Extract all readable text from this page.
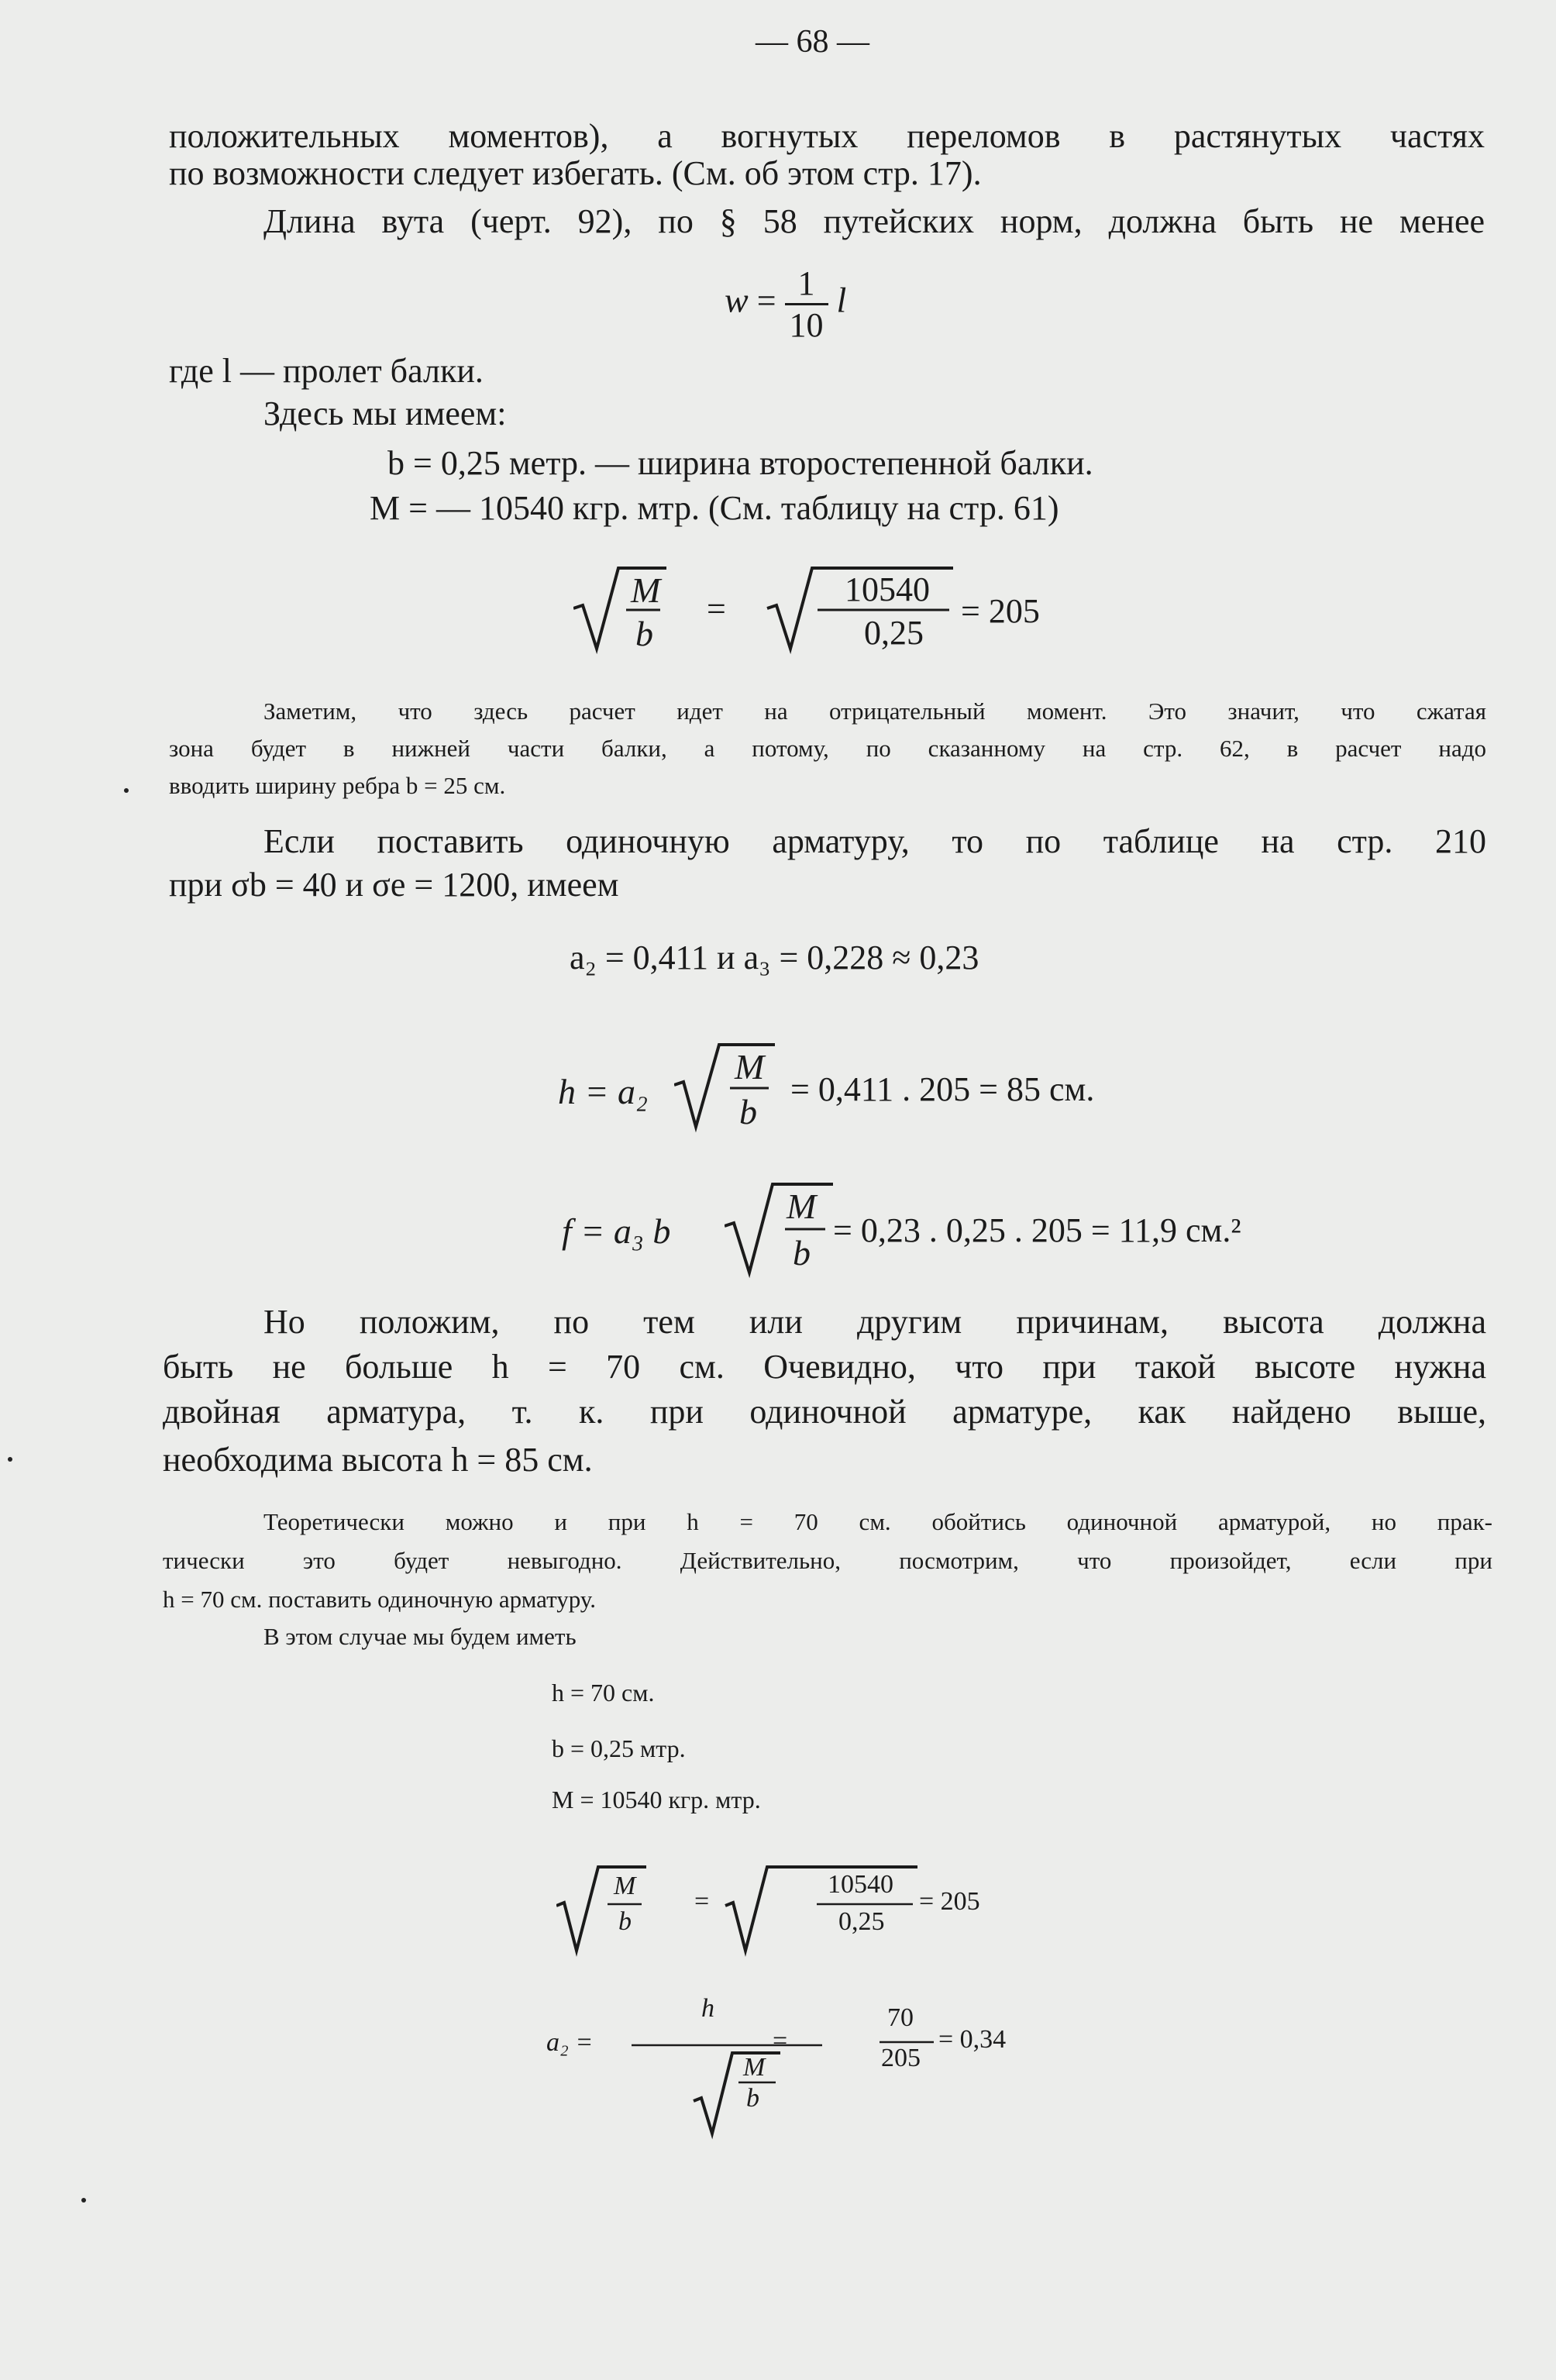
— 68 —
положительных моментов), а вогнутых переломов в растянутых частях
по возможности следует избегать. (См. об этом стр. 17).
Длина вута (черт. 92), по § 58 путейских норм, должна быть не менее
$w = \frac{1}{10}$ l
где l — пролет балки.
Здесь мы имеем:
b = 0,25 метр. — ширина второстепенной балки.
M = — 10540 кгр. мтр. (См. таблицу на стр. 61)
M
b
=
10540
0,25
= 205
Заметим, что здесь расчет идет на отрицательный момент. Это значит, что сжатая
зона будет в нижней части балки, а потому, по сказанному на стр. 62, в расчет надо
вводить ширину ребра b = 25 см.
Если поставить одиночную арматуру, то по таблице на стр. 210
при σb = 40 и σe = 1200, имеем
a₂ = 0,411 и a₃ = 0,228 ≈ 0,23
h = a₂
M
b
= 0,411 . 205 = 85 см.
f = a₃ b
M
b
= 0,23 . 0,25 . 205 = 11,9 см.²
Но положим, по тем или другим причинам, высота должна
быть не больше h = 70 см. Очевидно, что при такой высоте нужна
двойная арматура, т. к. при одиночной арматуре, как найдено выше,
необходима высота h = 85 см.
Теоретически можно и при h = 70 см. обойтись одиночной арматурой, но прак-
тически это будет невыгодно. Действительно, посмотрим, что произойдет, если при
h = 70 см. поставить одиночную арматуру.
В этом случае мы будем иметь
h = 70 см.
b = 0,25 мтр.
M = 10540 кгр. мтр.
M
b
=
10540
0,25
= 205
a₂ =
h
M
b
=
70
205
= 0,34
